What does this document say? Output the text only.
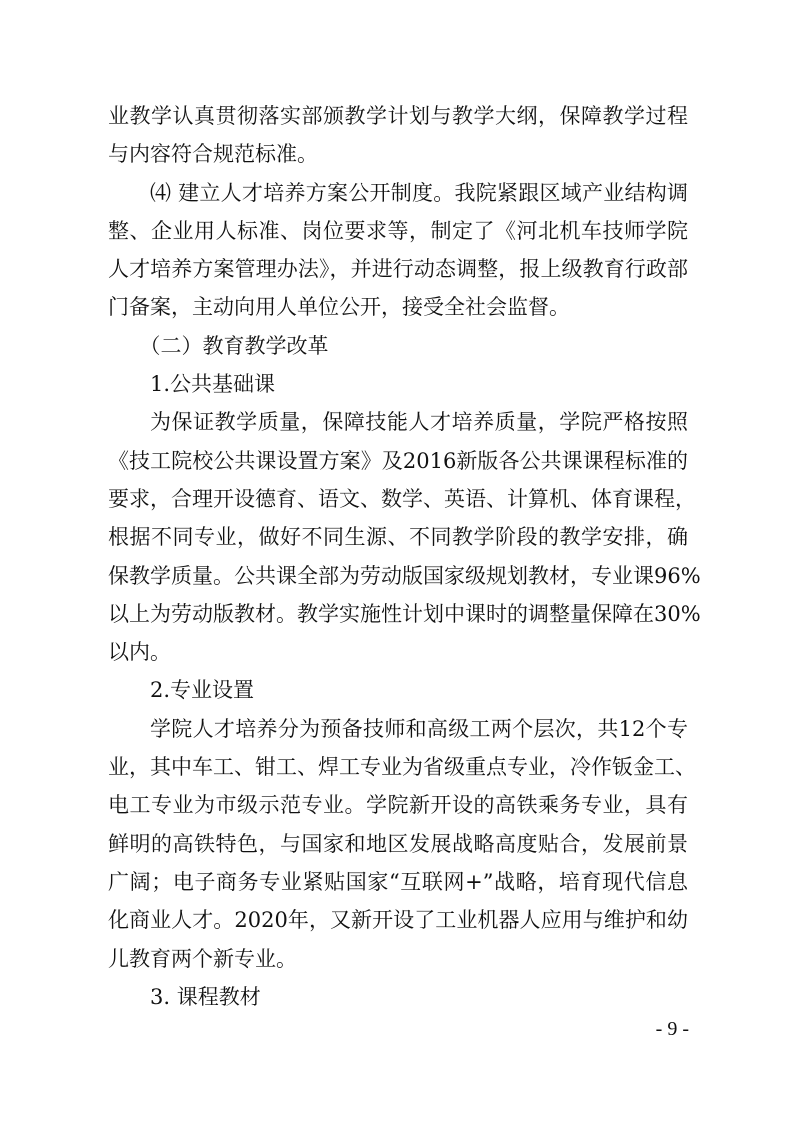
业教学认真贯彻落实部颁教学计划与教学大纲，保障教学过程
与内容符合规范标准。
⑷ 建立人才培养方案公开制度。我院紧跟区域产业结构调
整、企业用人标准、岗位要求等，制定了《河北机车技师学院
人才培养方案管理办法》，并进行动态调整，报上级教育行政部
门备案，主动向用人单位公开，接受全社会监督。
（二）教育教学改革
1.公共基础课
为保证教学质量，保障技能人才培养质量，学院严格按照
《技工院校公共课设置方案》及2016新版各公共课课程标准的
要求，合理开设德育、语文、数学、英语、计算机、体育课程，
根据不同专业，做好不同生源、不同教学阶段的教学安排，确
保教学质量。公共课全部为劳动版国家级规划教材，专业课96%
以上为劳动版教材。教学实施性计划中课时的调整量保障在30%
以内。
2.专业设置
学院人才培养分为预备技师和高级工两个层次，共12个专
业，其中车工、钳工、焊工专业为省级重点专业，冷作钣金工、
电工专业为市级示范专业。学院新开设的高铁乘务专业，具有
鲜明的高铁特色，与国家和地区发展战略高度贴合，发展前景
广阔；电子商务专业紧贴国家“互联网+”战略，培育现代信息
化商业人才。2020年，又新开设了工业机器人应用与维护和幼
儿教育两个新专业。
3. 课程教材
- 9 -
